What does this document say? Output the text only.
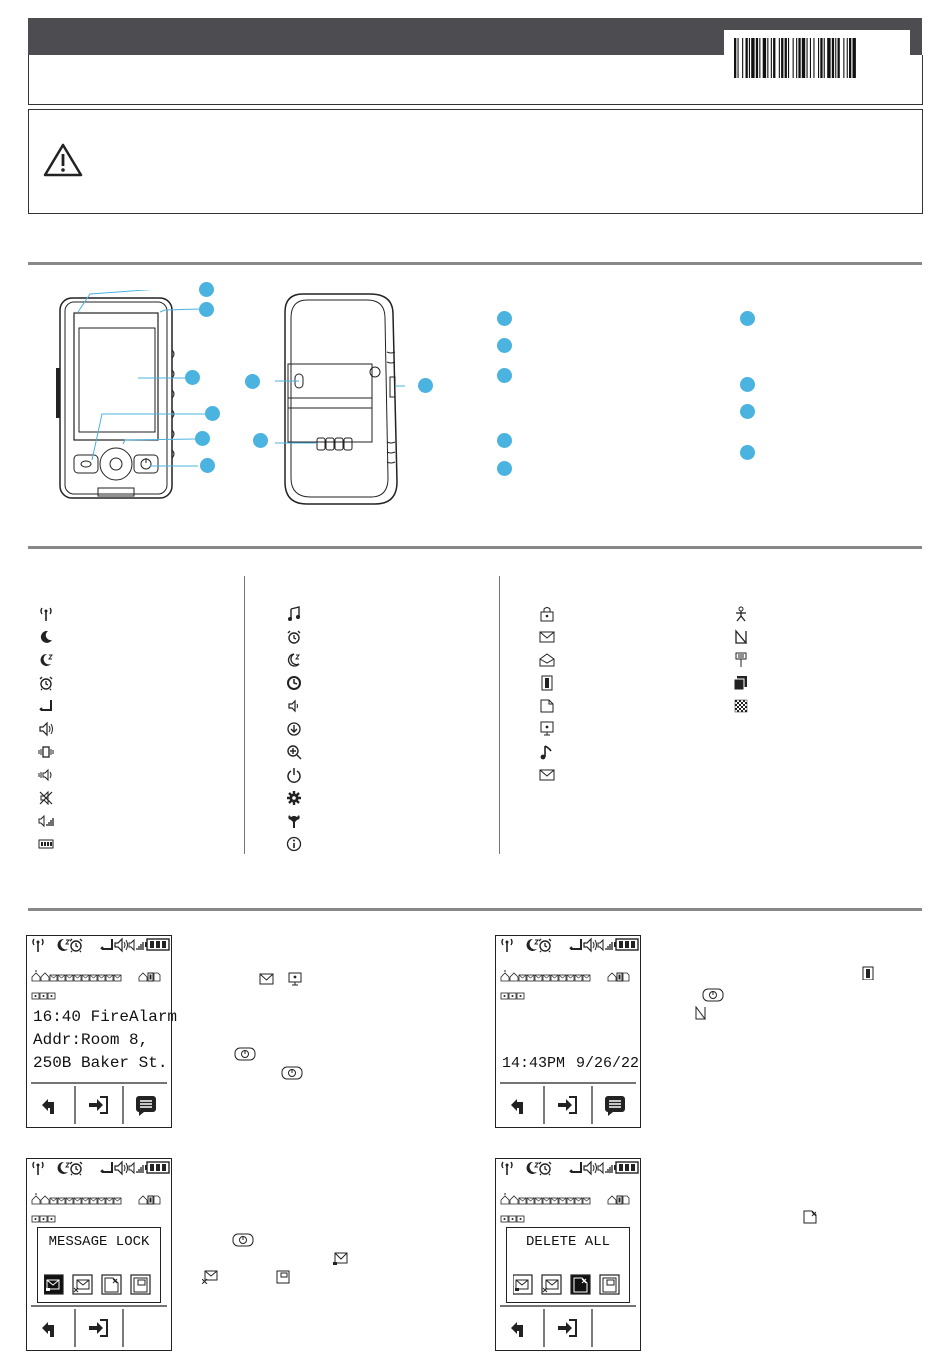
16:40 FireAlarm
Addr:Room 8,
250B Baker St.	14:43PM 9/26/22
MESSAGE LOCK	DELETE ALL
